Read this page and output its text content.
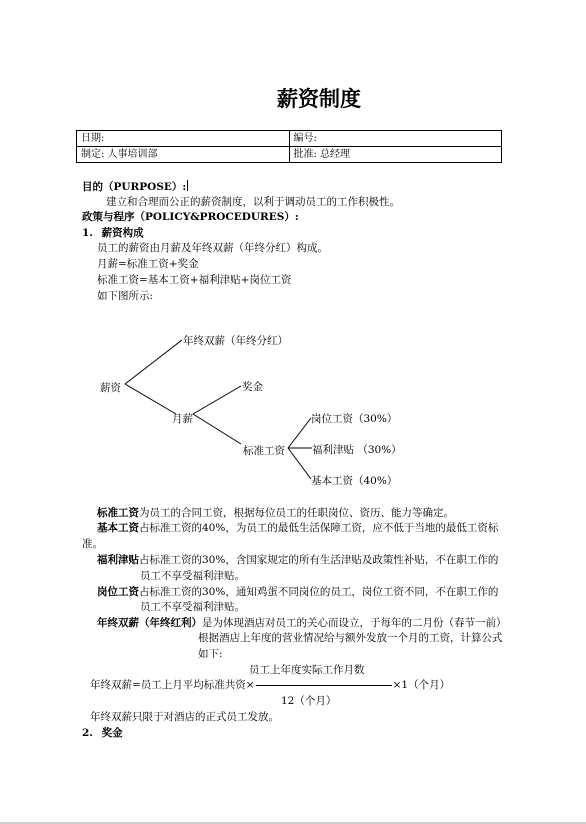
薪资制度
日期:	编号:
制定: 人事培训部	批准: 总经理
目的（PURPOSE）:
建立和合理而公正的薪资制度，以利于调动员工的工作积极性。
政策与程序（POLICY&PROCEDURES）:
1. 薪资构成
员工的薪资由月薪及年终双薪（年终分红）构成。
月薪=标准工资+奖金
标准工资=基本工资+福利津贴+岗位工资
如下图所示:
薪资
年终双薪（年终分红）
月薪
奖金
标准工资
岗位工资（30%）
福利津贴 （30%）
基本工资（40%）
标准工资为员工的合同工资，根据每位员工的任职岗位、资历、能力等确定。
基本工资占标准工资的40%，为员工的最低生活保障工资，应不低于当地的最低工资标
准。
福利津贴占标准工资的30%，含国家规定的所有生活津贴及政策性补贴，不在职工作的
员工不享受福利津贴。
岗位工资占标准工资的30%，通知鸡蛋不同岗位的员工，岗位工资不同，不在职工作的
员工不享受福利津贴。
年终双薪（年终红利）是为体现酒店对员工的关心而设立，于每年的二月份（春节一前）
根据酒店上年度的营业情况给与额外发放一个月的工资，计算公式
如下:
员工上年度实际工作月数
年终双薪=员工上月平均标准共资×	×1（个月）
12（个月）
年终双薪只限于对酒店的正式员工发放。
2. 奖金
